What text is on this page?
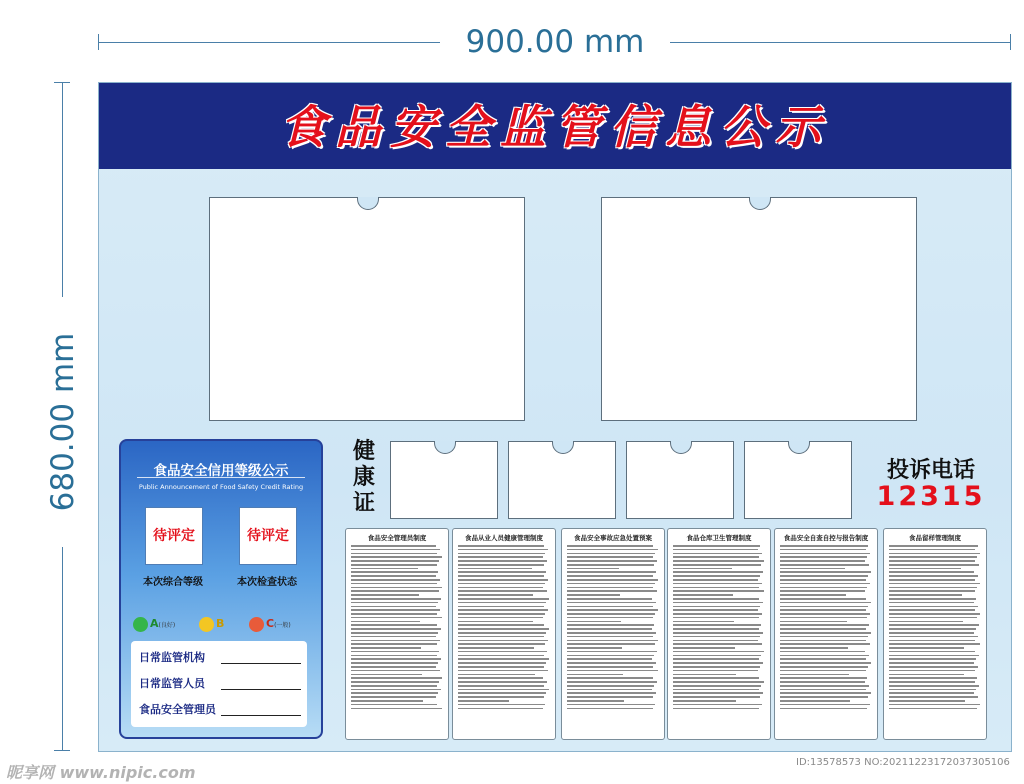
900.00 mm
680.00 mm
食品安全监管信息公示
健
康
证
投诉电话
12315
食品安全信用等级公示
Public Announcement of Food Safety Credit Rating
待评定	待评定
本次综合等级	本次检查状态
A(良好)	B	C(一般)
日常监管机构
日常监管人员
食品安全管理员
食品安全管理员制度	食品从业人员健康管理制度	食品安全事故应急处置预案	食品仓库卫生管理制度	食品安全自查自控与报告制度	食品留样管理制度
昵享网 www.nipic.com
ID:13578573 NO:20211223172037305106
